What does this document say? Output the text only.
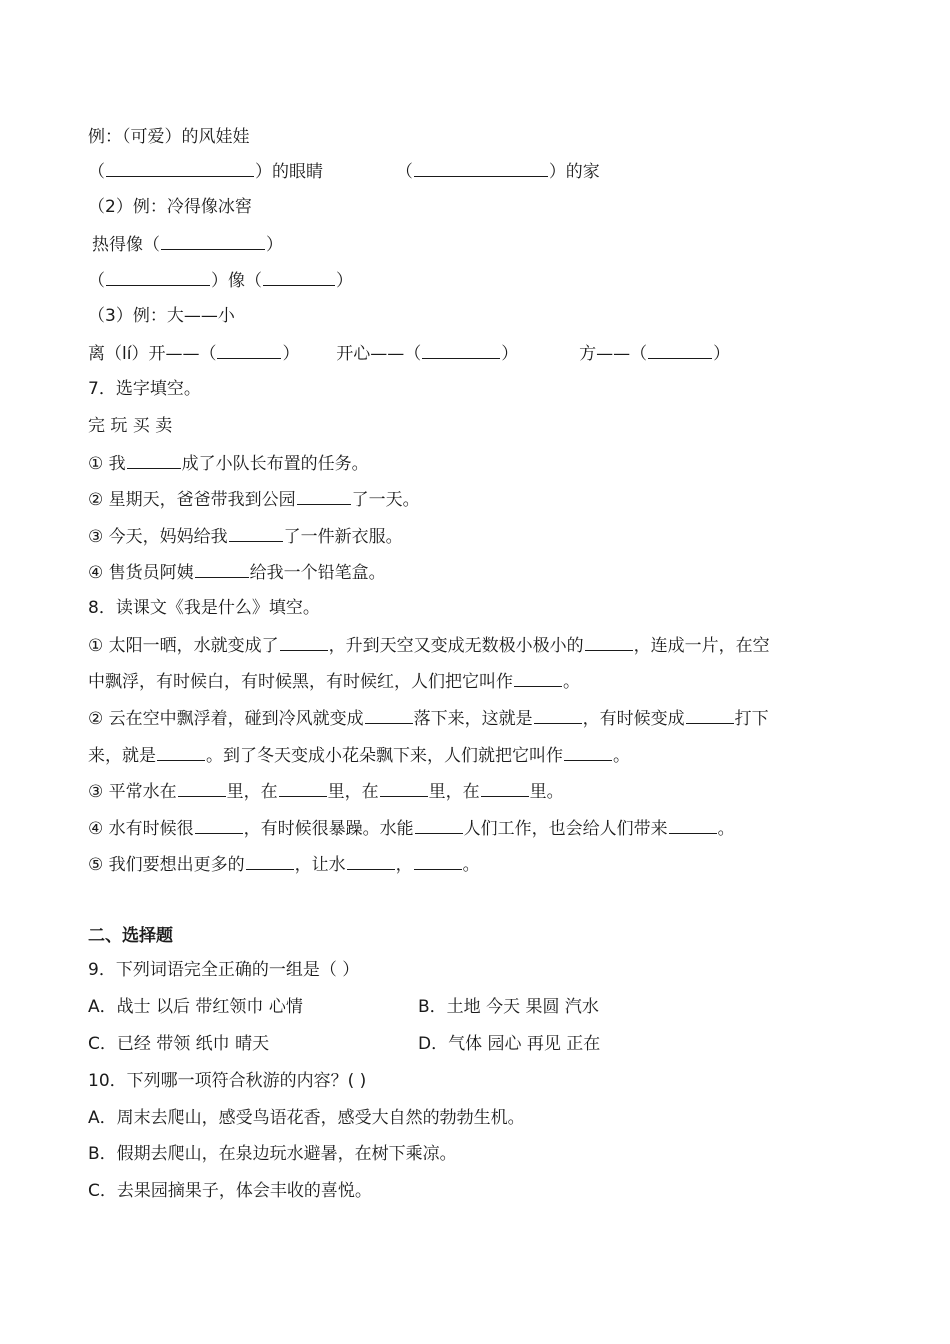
例：（可爱）的风娃娃
（	）的眼睛	（	）的家
（2）例：冷得像冰窖
热得像（	）
（	）像（	）
（3）例：大——小
离（lí）开——（	） 开心——（	）	方——（	）
7．选字填空。
完 玩 买 卖
① 我	成了小队长布置的任务。
② 星期天，爸爸带我到公园	了一天。
③ 今天，妈妈给我	了一件新衣服。
④ 售货员阿姨	给我一个铅笔盒。
8．读课文《我是什么》填空。
① 太阳一晒，水就变成了	，升到天空又变成无数极小极小的	，连成一片，在空
中飘浮，有时候白，有时候黑，有时候红，人们把它叫作	。
② 云在空中飘浮着，碰到冷风就变成	落下来，这就是	，有时候变成	打下
来，就是	。到了冬天变成小花朵飘下来，人们就把它叫作	。
③ 平常水在	里，在	里，在	里，在	里。
④ 水有时候很	，有时候很暴躁。水能	人们工作，也会给人们带来	。
⑤ 我们要想出更多的	，让水	，	。
二、选择题
9．下列词语完全正确的一组是（ ）
A．战士 以后 带红领巾 心情	B．土地 今天 果圆 汽水
C．已经 带领 纸巾 晴天	D．气体 园心 再见 正在
10．下列哪一项符合秋游的内容？( )
A．周末去爬山，感受鸟语花香，感受大自然的勃勃生机。
B．假期去爬山，在泉边玩水避暑，在树下乘凉。
C．去果园摘果子，体会丰收的喜悦。
